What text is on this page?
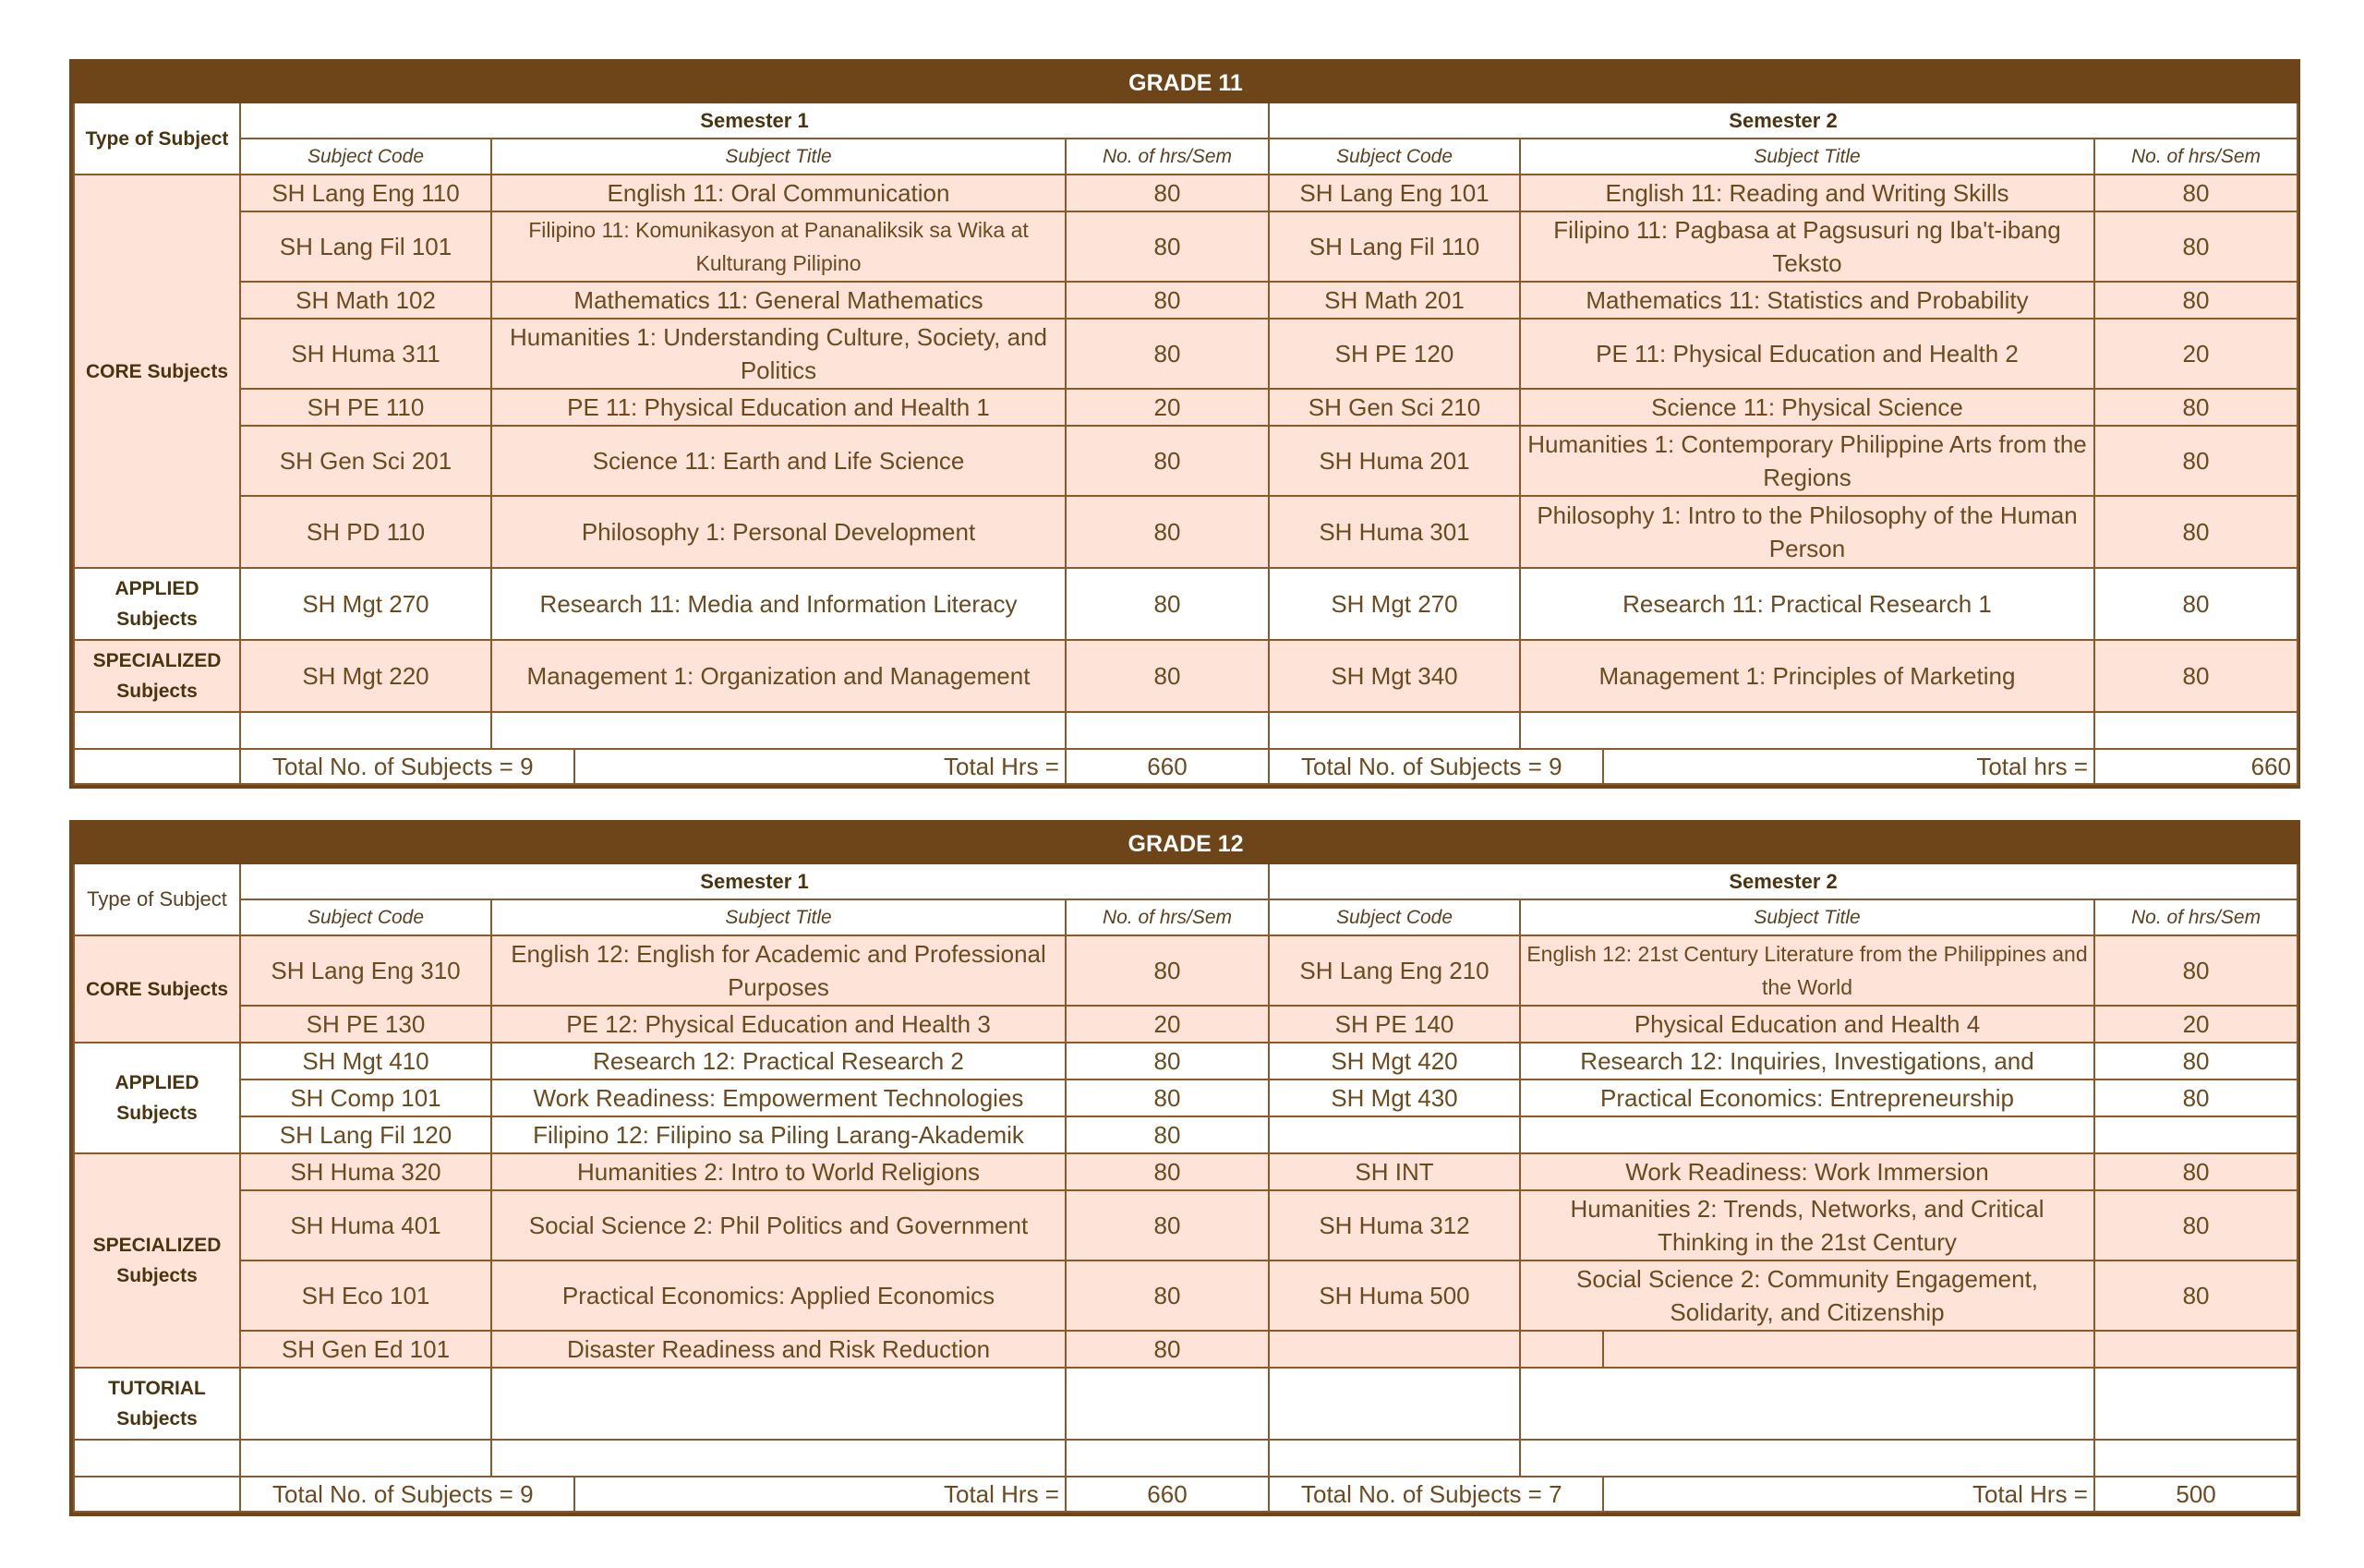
GRADE 11								
Type of Subject	Semester 1				Semester 2			
	Subject Code	Subject Title		No. of hrs/Sem	Subject Code	Subject Title		No. of hrs/Sem
CORE Subjects	SH Lang Eng 110	English 11: Oral Communication		80	SH Lang Eng 101	English 11: Reading and Writing Skills		80
	SH Lang Fil 101	Filipino 11: Komunikasyon at Pananaliksik sa Wika at Kulturang Pilipino		80	SH Lang Fil 110	Filipino 11: Pagbasa at Pagsusuri ng Iba't-ibang Teksto		80
	SH Math 102	Mathematics 11: General Mathematics		80	SH Math 201	Mathematics 11: Statistics and Probability		80
	SH Huma 311	Humanities 1: Understanding Culture, Society, and Politics		80	SH PE 120	PE 11: Physical Education and Health 2		20
	SH PE 110	PE 11: Physical Education and Health 1		20	SH Gen Sci 210	Science 11: Physical Science		80
	SH Gen Sci 201	Science 11: Earth and Life Science		80	SH Huma 201	Humanities 1: Contemporary Philippine Arts from the Regions		80
	SH PD 110	Philosophy 1: Personal Development		80	SH Huma 301	Philosophy 1: Intro to the Philosophy of the Human Person		80
APPLIED Subjects	SH Mgt 270	Research 11: Media and Information Literacy		80	SH Mgt 270	Research 11: Practical Research 1		80
SPECIALIZED Subjects	SH Mgt 220	Management 1: Organization and Management		80	SH Mgt 340	Management 1: Principles of Marketing		80

	Total No. of Subjects = 9		Total Hrs =	660	Total No. of Subjects = 9		Total hrs =	660
GRADE 12								
Type of Subject	Semester 1				Semester 2			
	Subject Code	Subject Title		No. of hrs/Sem	Subject Code	Subject Title		No. of hrs/Sem
CORE Subjects	SH Lang Eng 310	English 12: English for Academic and Professional Purposes		80	SH Lang Eng 210	English 12: 21st Century Literature from the Philippines and the World		80
	SH PE 130	PE 12: Physical Education and Health 3		20	SH PE 140	Physical Education and Health 4		20
APPLIED Subjects	SH Mgt 410	Research 12: Practical Research 2		80	SH Mgt 420	Research 12: Inquiries, Investigations, and		80
	SH Comp 101	Work Readiness: Empowerment Technologies		80	SH Mgt 430	Practical Economics: Entrepreneurship		80
	SH Lang Fil 120	Filipino 12: Filipino sa Piling Larang-Akademik		80				
SPECIALIZED Subjects	SH Huma 320	Humanities 2: Intro to World Religions		80	SH INT	Work Readiness: Work Immersion		80
	SH Huma 401	Social Science 2: Phil Politics and Government		80	SH Huma 312	Humanities 2: Trends, Networks, and Critical Thinking in the 21st Century		80
	SH Eco 101	Practical Economics: Applied Economics		80	SH Huma 500	Social Science 2: Community Engagement, Solidarity, and Citizenship		80
	SH Gen Ed 101	Disaster Readiness and Risk Reduction		80				
TUTORIAL Subjects								

	Total No. of Subjects = 9		Total Hrs =	660	Total No. of Subjects = 7		Total Hrs =	500
